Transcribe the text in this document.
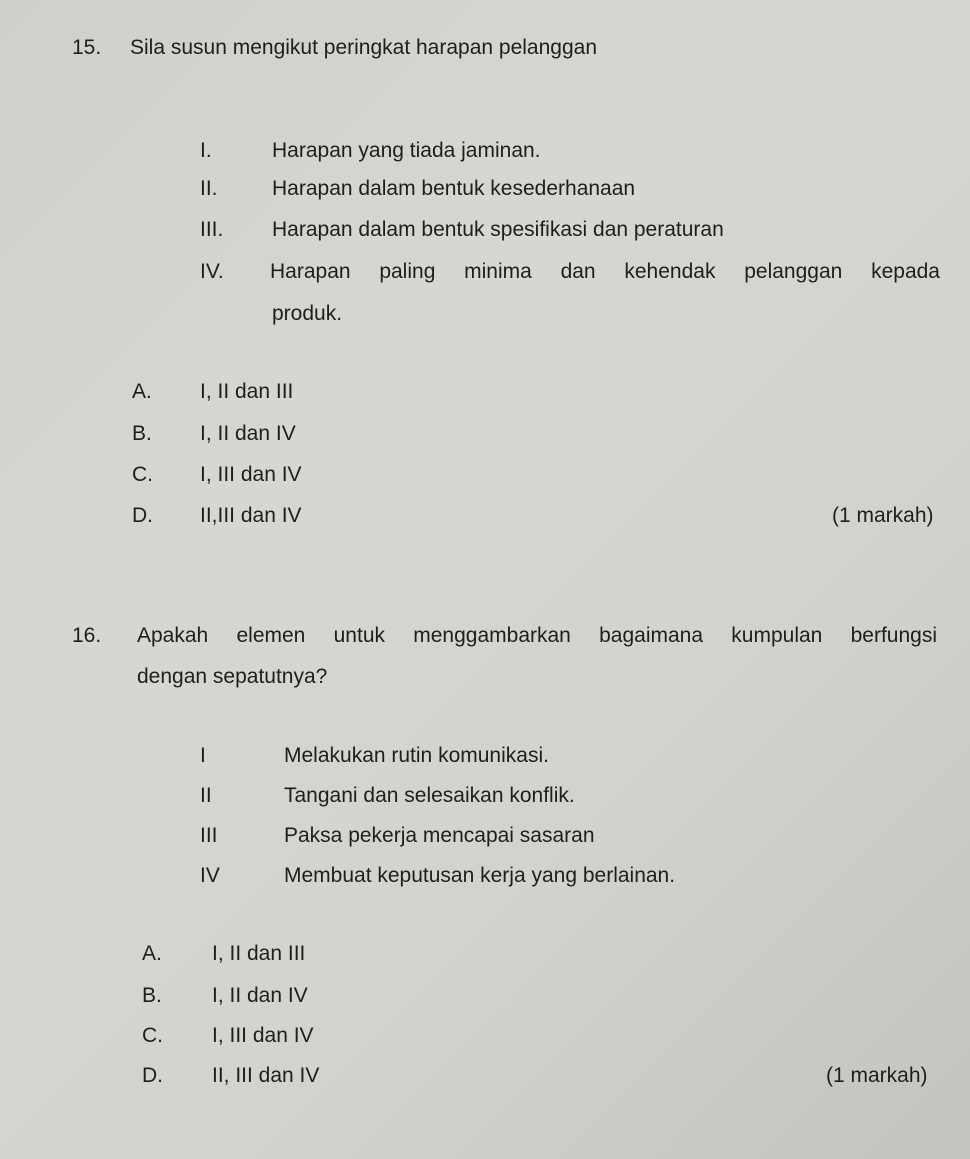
15. Sila susun mengikut peringkat harapan pelanggan
I.	Harapan yang tiada jaminan.
II.	Harapan dalam bentuk kesederhanaan
III. Harapan dalam bentuk spesifikasi dan peraturan
IV. Harapan paling minima dan kehendak pelanggan kepada
produk.
A. I, II dan III
B. I, II dan IV
C. I, III dan IV
D. II,III dan IV	(1 markah)
16. Apakah elemen untuk menggambarkan bagaimana kumpulan berfungsi
dengan sepatutnya?
I	Melakukan rutin komunikasi.
II	Tangani dan selesaikan konflik.
III	Paksa pekerja mencapai sasaran
IV	Membuat keputusan kerja yang berlainan.
A. I, II dan III
B. I, II dan IV
C. I, III dan IV
D. II, III dan IV	(1 markah)
